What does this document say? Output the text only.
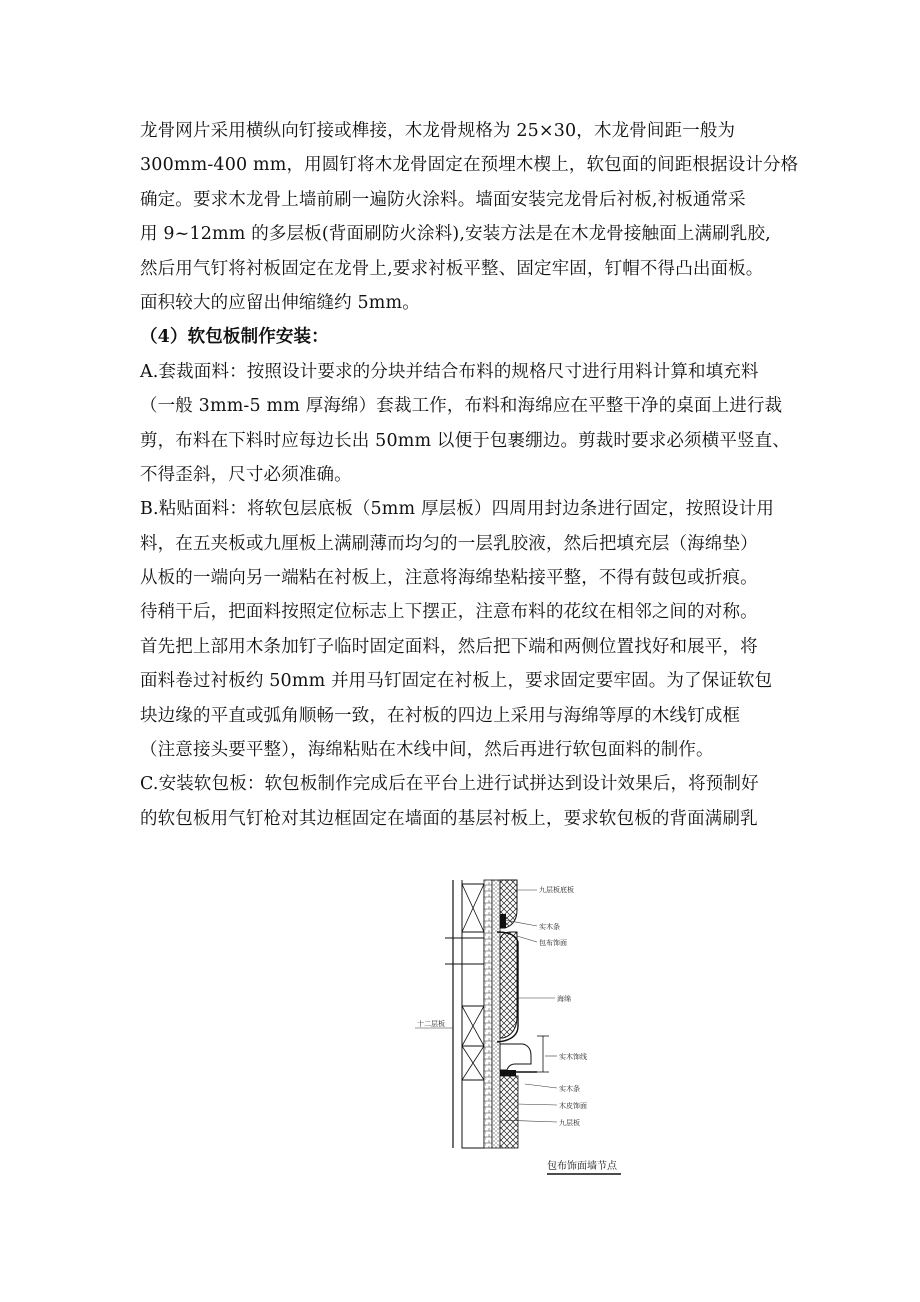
龙骨网片采用横纵向钉接或榫接，木龙骨规格为 25×30，木龙骨间距一般为
300mm-400 mm，用圆钉将木龙骨固定在预埋木楔上，软包面的间距根据设计分格
确定。要求木龙骨上墙前刷一遍防火涂料。墙面安装完龙骨后衬板,衬板通常采
用 9~12mm 的多层板(背面刷防火涂料),安装方法是在木龙骨接触面上满刷乳胶,
然后用气钉将衬板固定在龙骨上,要求衬板平整、固定牢固，钉帽不得凸出面板。
面积较大的应留出伸缩缝约 5mm。
（4）软包板制作安装：
A.套裁面料：按照设计要求的分块并结合布料的规格尺寸进行用料计算和填充料
（一般 3mm-5 mm 厚海绵）套裁工作，布料和海绵应在平整干净的桌面上进行裁
剪，布料在下料时应每边长出 50mm 以便于包裹绷边。剪裁时要求必须横平竖直、
不得歪斜，尺寸必须准确。
B.粘贴面料：将软包层底板（5mm 厚层板）四周用封边条进行固定，按照设计用
料，在五夹板或九厘板上满刷薄而均匀的一层乳胶液，然后把填充层（海绵垫）
从板的一端向另一端粘在衬板上，注意将海绵垫粘接平整，不得有鼓包或折痕。
待稍干后，把面料按照定位标志上下摆正，注意布料的花纹在相邻之间的对称。
首先把上部用木条加钉子临时固定面料，然后把下端和两侧位置找好和展平，将
面料卷过衬板约 50mm 并用马钉固定在衬板上，要求固定要牢固。为了保证软包
块边缘的平直或弧角顺畅一致，在衬板的四边上采用与海绵等厚的木线钉成框
（注意接头要平整），海绵粘贴在木线中间，然后再进行软包面料的制作。
C.安装软包板：软包板制作完成后在平台上进行试拼达到设计效果后，将预制好
的软包板用气钉枪对其边框固定在墙面的基层衬板上，要求软包板的背面满刷乳
九层板底板
实木条
包布饰面
海绵
十二层板
实木饰线
实木条
木皮饰面
九层板
包布饰面墙节点
